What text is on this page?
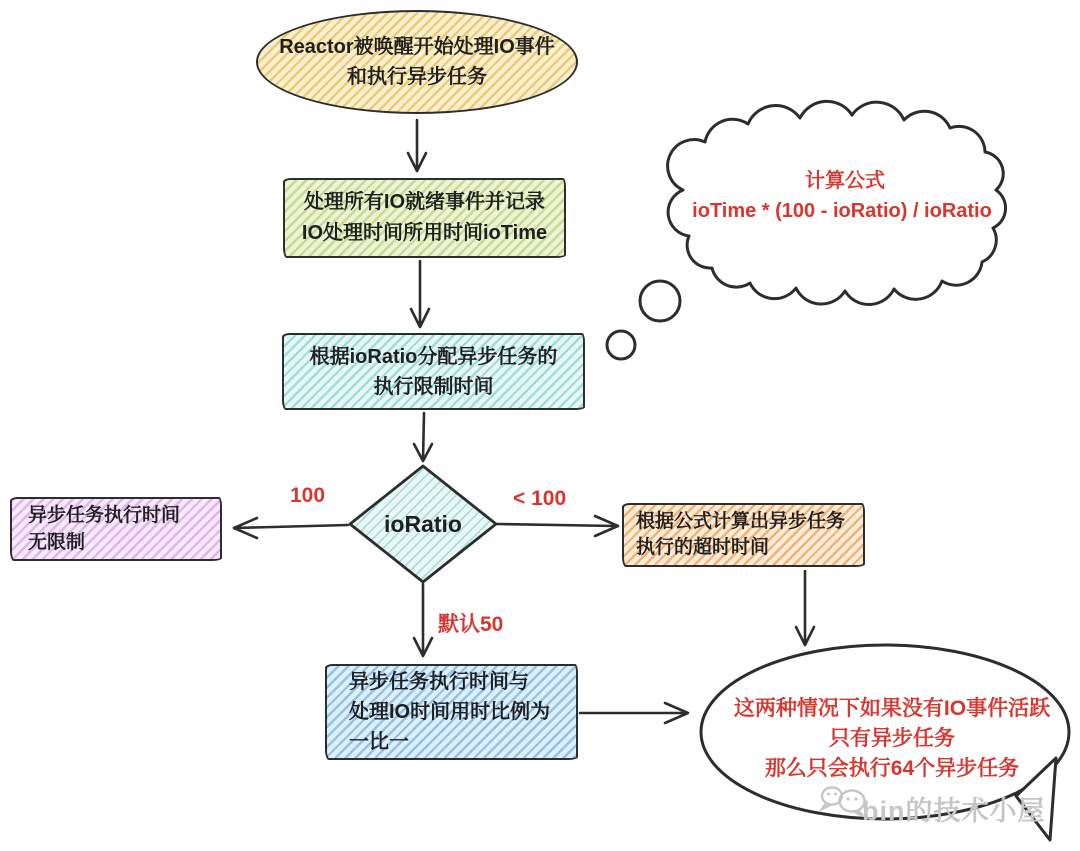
Reactor被唤醒开始处理IO事件
和执行异步任务
处理所有IO就绪事件并记录
IO处理时间所用时间ioTime
根据ioRatio分配异步任务的
执行限制时间
ioRatio
100	< 100
默认50
异步任务执行时间
无限制
根据公式计算出异步任务
执行的超时时间
异步任务执行时间与
处理IO时间用时比例为
一比一
计算公式
ioTime * (100 - ioRatio) / ioRatio
这两种情况下如果没有IO事件活跃
只有异步任务
那么只会执行64个异步任务
bin的技术小屋
